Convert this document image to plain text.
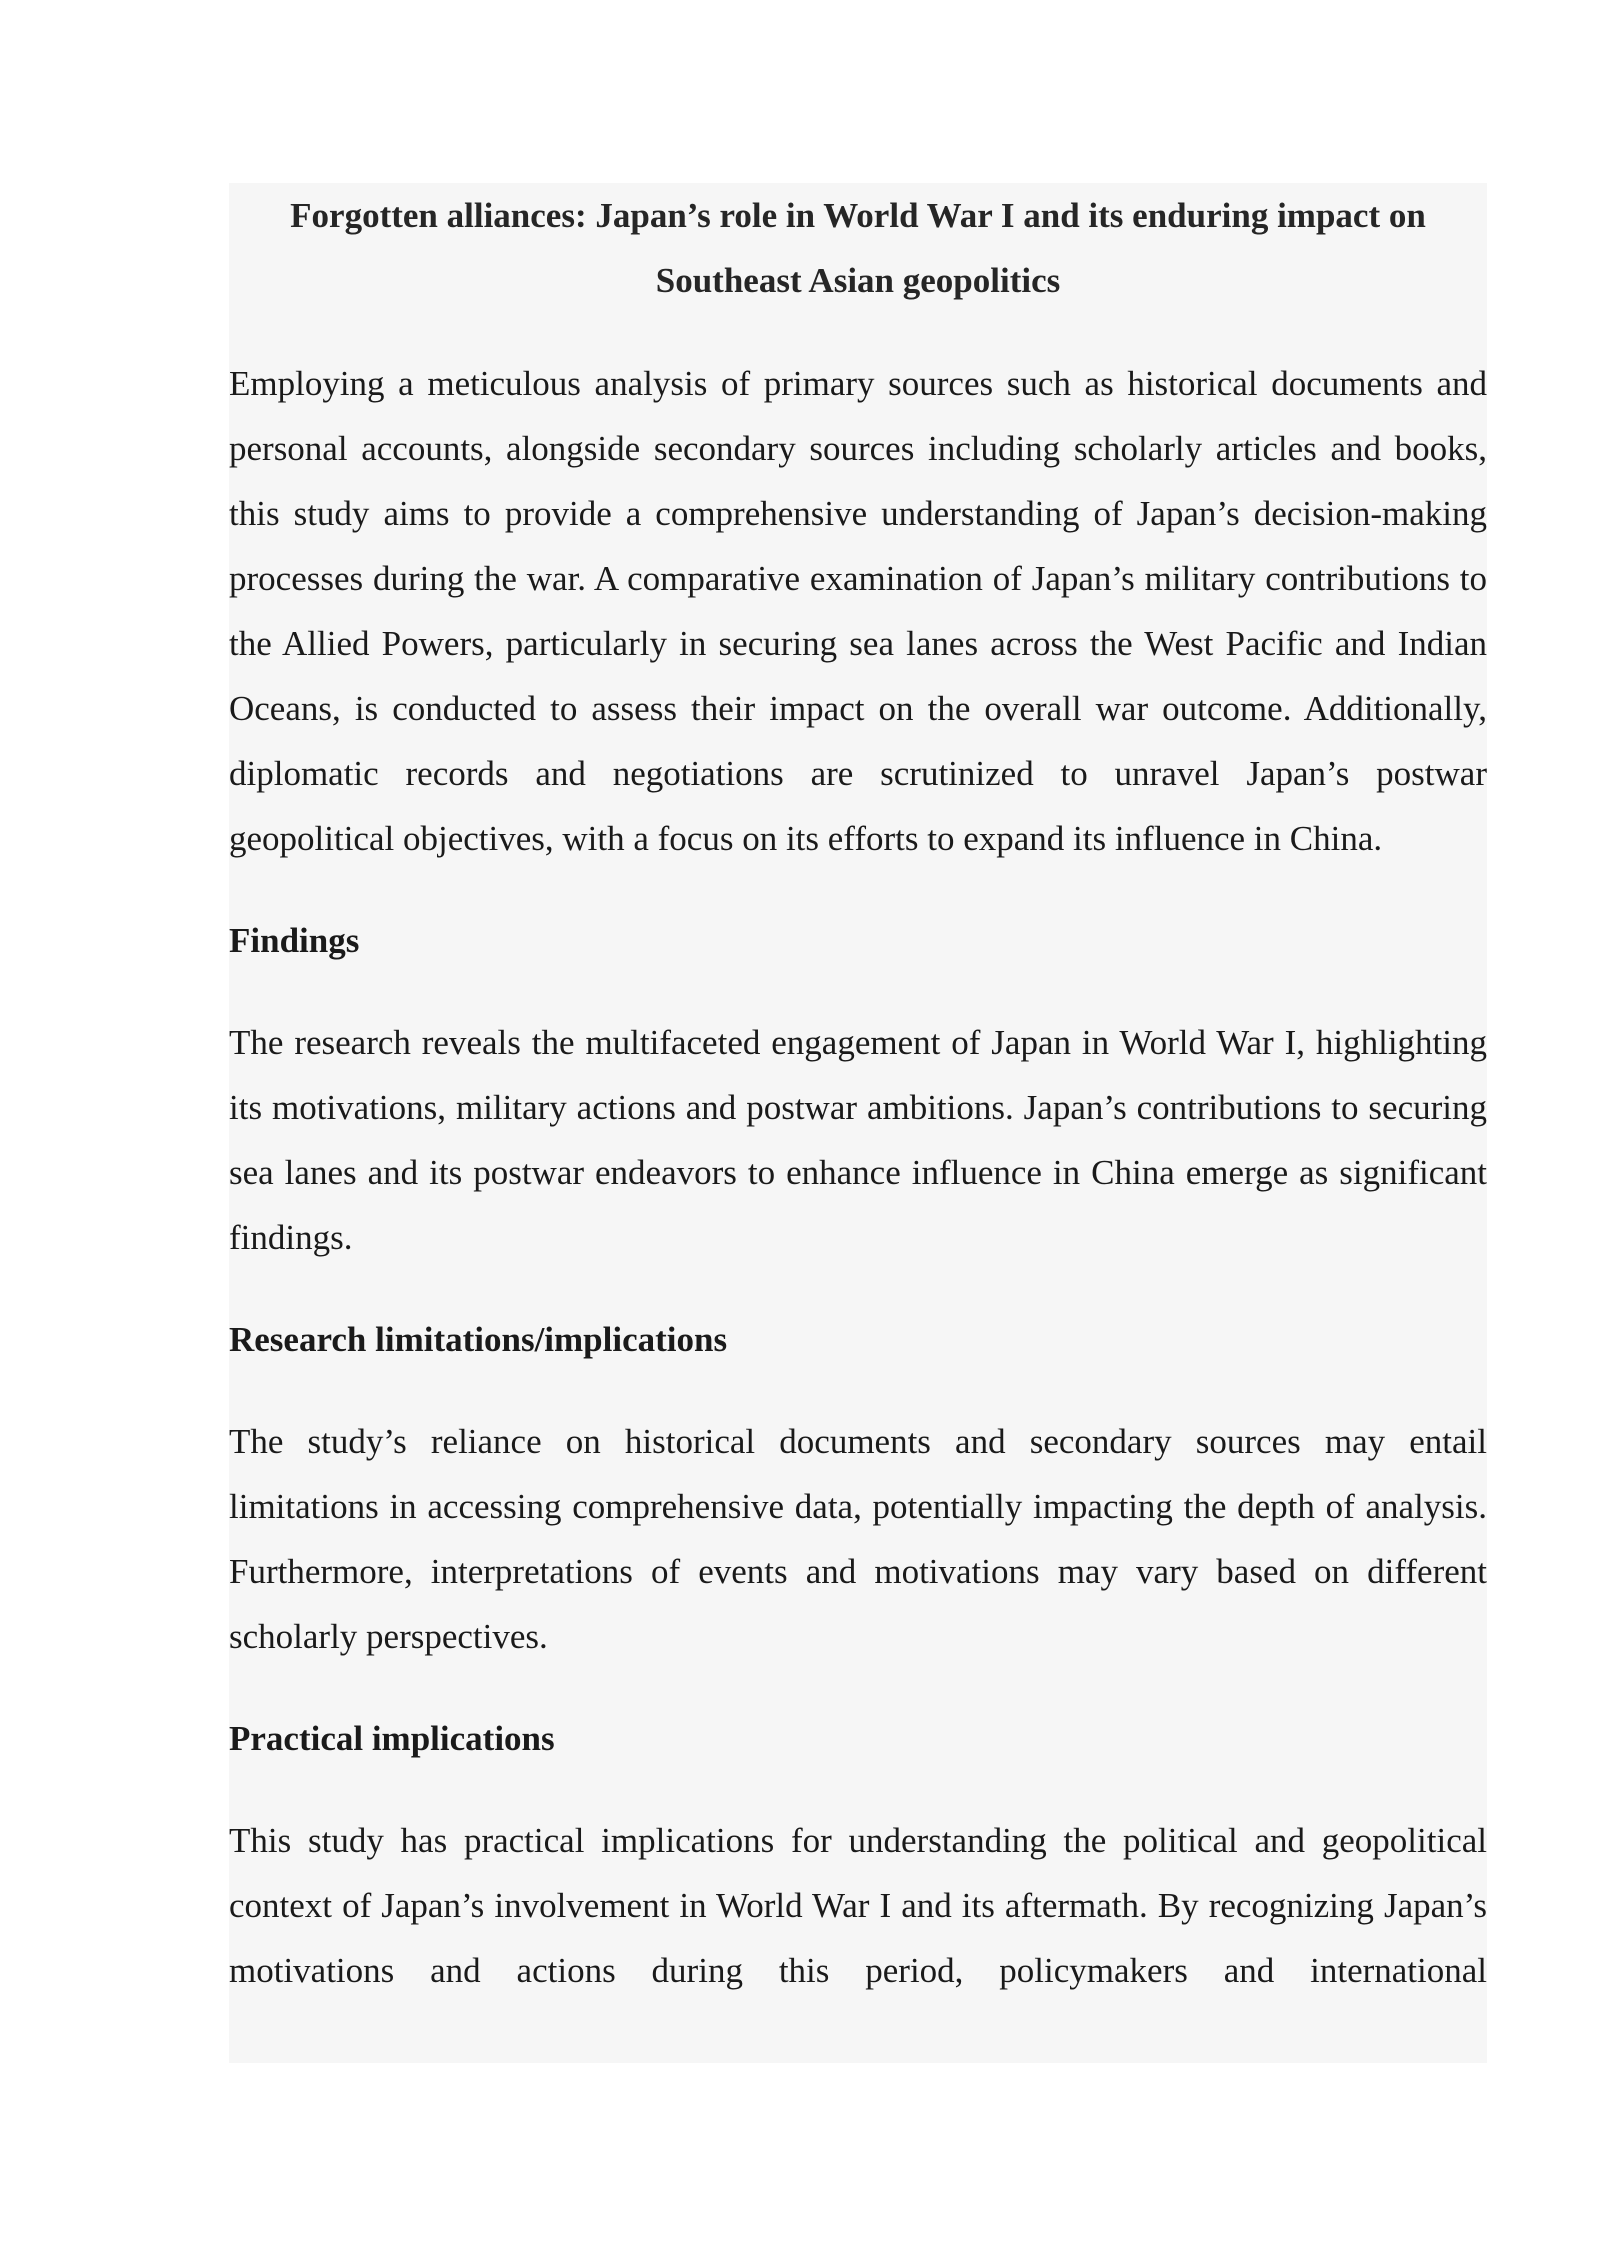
Forgotten alliances: Japan’s role in World War I and its enduring impact on Southeast Asian geopolitics

Employing a meticulous analysis of primary sources such as historical documents and personal accounts, alongside secondary sources including scholarly articles and books, this study aims to provide a comprehensive understanding of Japan’s decision-making processes during the war. A comparative examination of Japan’s military contributions to the Allied Powers, particularly in securing sea lanes across the West Pacific and Indian Oceans, is conducted to assess their impact on the overall war outcome. Additionally, diplomatic records and negotiations are scrutinized to unravel Japan’s postwar geopolitical objectives, with a focus on its efforts to expand its influence in China.

Findings

The research reveals the multifaceted engagement of Japan in World War I, highlighting its motivations, military actions and postwar ambitions. Japan’s contributions to securing sea lanes and its postwar endeavors to enhance influence in China emerge as significant findings.

Research limitations/implications

The study’s reliance on historical documents and secondary sources may entail limitations in accessing comprehensive data, potentially impacting the depth of analysis. Furthermore, interpretations of events and motivations may vary based on different scholarly perspectives.

Practical implications

This study has practical implications for understanding the political and geopolitical context of Japan’s involvement in World War I and its aftermath. By recognizing Japan’s motivations and actions during this period, policymakers and international
